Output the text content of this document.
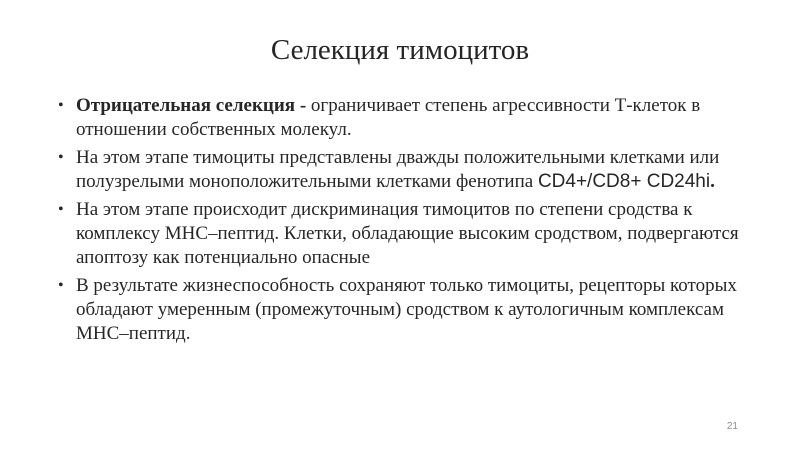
Селекция тимоцитов
• Отрицательная селекция - ограничивает степень агрессивности Т-клеток в отношении собственных молекул.
• На этом этапе тимоциты представлены дважды положительными клетками или полузрелыми моноположительными клетками фенотипа CD4+/CD8+ CD24hi.
• На этом этапе происходит дискриминация тимоцитов по степени сродства к комплексу MHC–пептид. Клетки, обладающие высоким сродством, подвергаются апоптозу как потенциально опасные
• В результате жизнеспособность сохраняют только тимоциты, рецепторы которых обладают умеренным (промежуточным) сродством к аутологичным комплексам MHC–пептид.
21
